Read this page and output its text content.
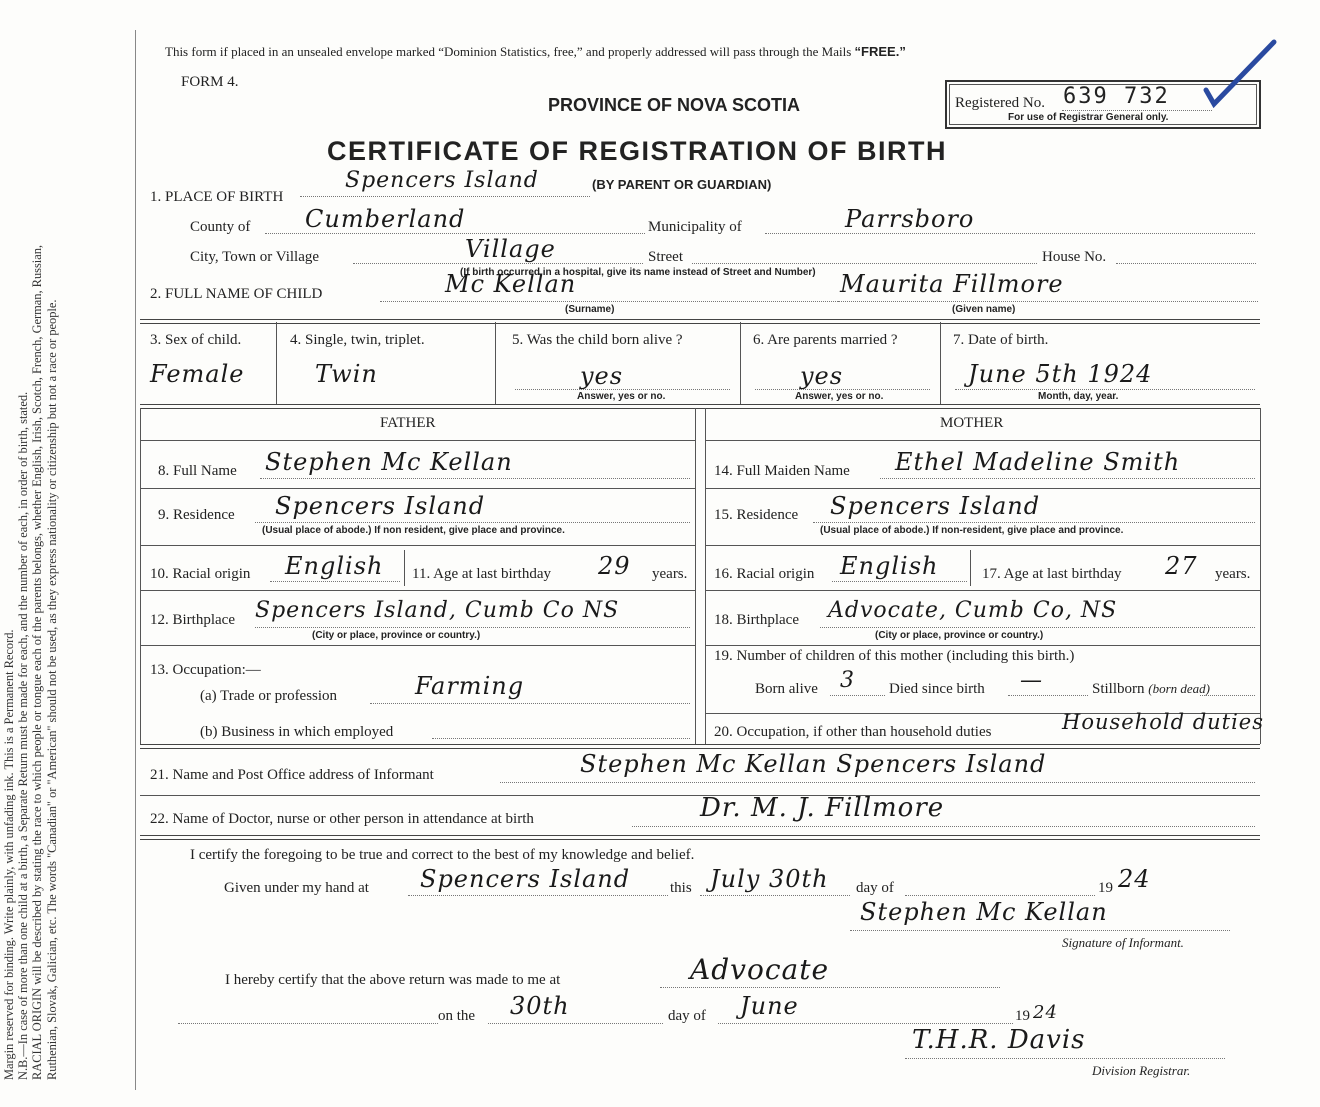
Margin reserved for binding. Write plainly, with unfading ink. This is a Permanent Record. N.B.—In case of more than one child at a birth, a Separate Return must be made for each, and the number of each, in order of birth, stated. RACIAL ORIGIN will be described by stating the race to which people or tongue each of the parents belongs, whether English, Irish, Scotch, French, German, Russian, Ruthenian, Slovak, Galician, etc. The words "Canadian" or "American" should not be used, as they express nationality or citizenship but not a race or people.
This form if placed in an unsealed envelope marked “Dominion Statistics, free,” and properly addressed will pass through the Mails “FREE.”
FORM 4.
PROVINCE OF NOVA SCOTIA
CERTIFICATE OF REGISTRATION OF BIRTH
Registered No. 639 732
For use of Registrar General only.
1. PLACE OF BIRTH
Spencers Island	(BY PARENT OR GUARDIAN)
County of Cumberland	Municipality of	Parrsboro
City, Town or Village	Village	Street	House No.
(If birth occurred in a hospital, give its name instead of Street and Number)
2. FULL NAME OF CHILD	Mc Kellan	Maurita Fillmore
(Surname)	(Given name)
3. Sex of child.
Female
4. Single, twin, triplet.
Twin
5. Was the child born alive ?
yes
Answer, yes or no.
6. Are parents married ?
yes
Answer, yes or no.
7. Date of birth.
June 5th 1924
Month, day, year.
FATHER	MOTHER
8. Full Name Stephen Mc Kellan
9. Residence Spencers Island
(Usual place of abode.) If non resident, give place and province.
10. Racial origin English 11. Age at last birthday 29 years.
12. Birthplace Spencers Island, Cumb Co NS
(City or place, province or country.)
13. Occupation:—
(a) Trade or profession	Farming
(b) Business in which employed
14. Full Maiden Name Ethel Madeline Smith
15. Residence Spencers Island
(Usual place of abode.) If non-resident, give place and province.
16. Racial origin English	17. Age at last birthday 27 years.
18. Birthplace Advocate, Cumb Co, NS
(City or place, province or country.)
19. Number of children of this mother (including this birth.)
Born alive 3 Died since birth —	Stillborn (born dead)
20. Occupation, if other than household duties	Household duties
21. Name and Post Office address of Informant	Stephen Mc Kellan Spencers Island
22. Name of Doctor, nurse or other person in attendance at birth	Dr. M. J. Fillmore
I certify the foregoing to be true and correct to the best of my knowledge and belief.
Given under my hand at Spencers Island	this July 30th day of	19 24
Stephen Mc Kellan
Signature of Informant.
I hereby certify that the above return was made to me at	Advocate
on the 30th	day of June	19 24
T.H.R. Davis
Division Registrar.
